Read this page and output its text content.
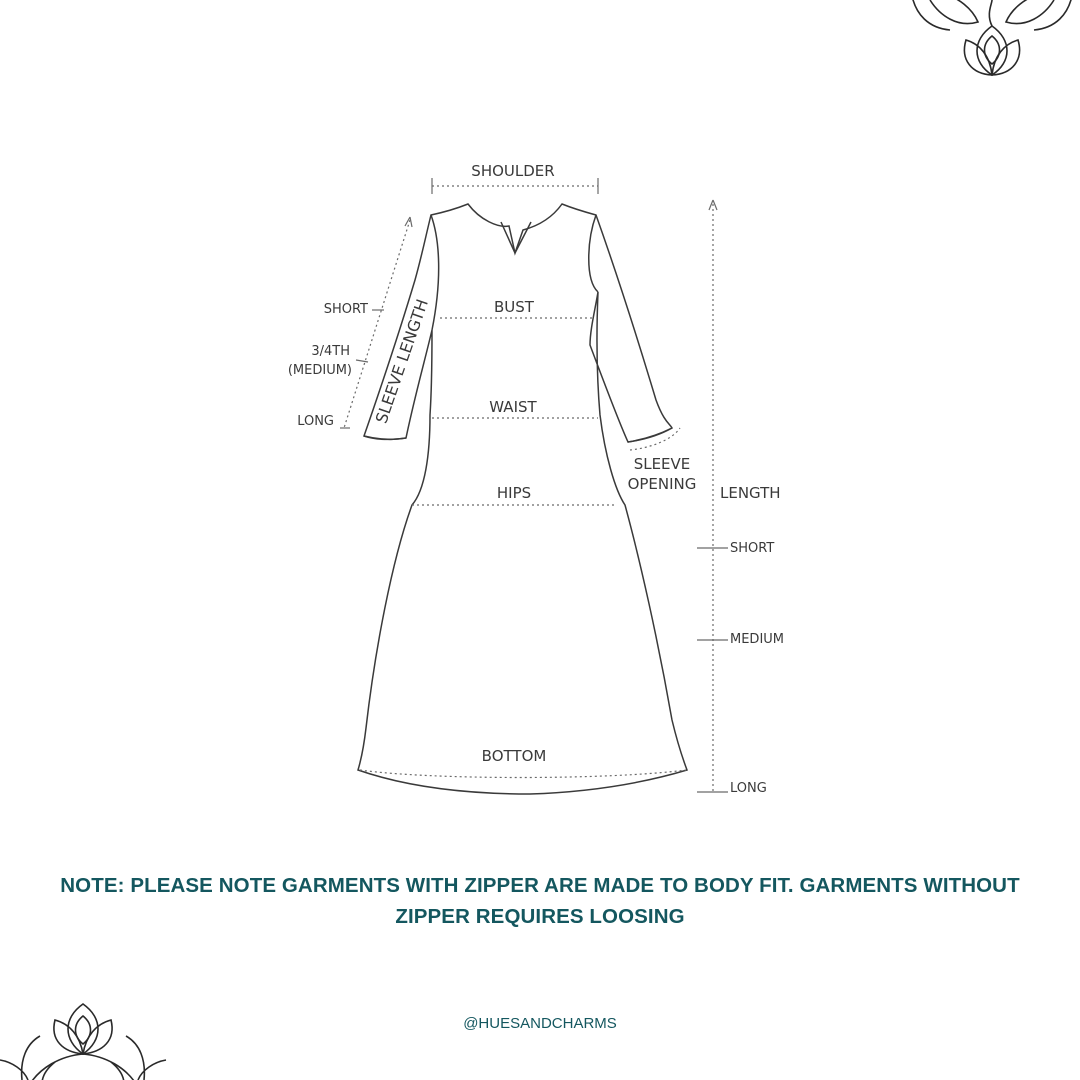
SHOULDER
BUST
WAIST
HIPS
BOTTOM
SLEEVE LENGTH
SHORT
3/4TH
(MEDIUM)
LONG
SLEEVE
OPENING LENGTH
SHORT
MEDIUM
LONG
NOTE: PLEASE NOTE GARMENTS WITH ZIPPER ARE MADE TO BODY FIT. GARMENTS WITHOUT ZIPPER REQUIRES LOOSING
@HUESANDCHARMS
